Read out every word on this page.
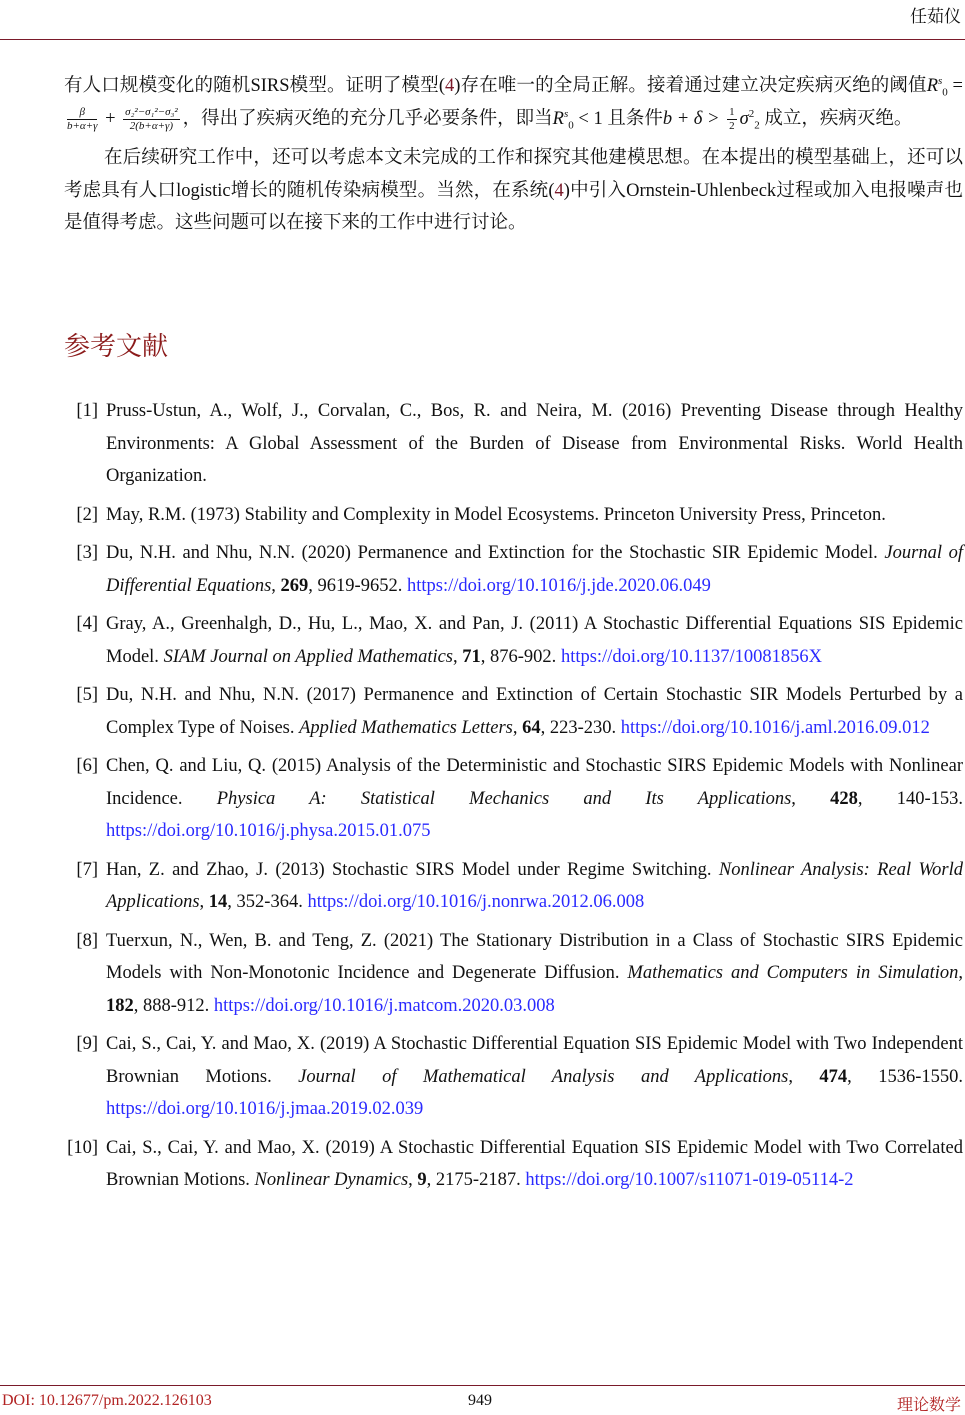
任茹仪

有人口规模变化的随机SIRS模型。证明了模型(4)存在唯一的全局正解。接着通过建立决定疾病灭绝的阈值$R^s_0$ =
$\frac{\beta}{b+\alpha+\gamma} + \frac{\text{σ₂²−σ₁²−σ₃²}}{2(b+\alpha+\gamma)}$ ，得出了疾病灭绝的充分几乎必要条件，即当$R^s_0 < 1$ 且条件$b + \delta > \frac{1}{2} \sigma^2_2$ 成立，疾病灭绝。

在后续研究工作中，还可以考虑本文未完成的工作和探究其他建模思想。在本提出的模型基础上，还可以考虑具有人口logistic增长的随机传染病模型。当然，在系统(4)中引入Ornstein-Uhlenbeck过程或加入电报噪声也是值得考虑。这些问题可以在接下来的工作中进行讨论。

参考文献
[1] Pruss-Ustun, A., Wolf, J., Corvalan, C., Bos, R. and Neira, M. (2016) Preventing Disease through Healthy Environments: A Global Assessment of the Burden of Disease from Environmental Risks. World Health Organization.
[2] May, R.M. (1973) Stability and Complexity in Model Ecosystems. Princeton University Press, Princeton.
[3] Du, N.H. and Nhu, N.N. (2020) Permanence and Extinction for the Stochastic SIR Epidemic Model. Journal of Differential Equations, 269, 9619-9652. https://doi.org/10.1016/j.jde.2020.06.049
[4] Gray, A., Greenhalgh, D., Hu, L., Mao, X. and Pan, J. (2011) A Stochastic Differential Equations SIS Epidemic Model. SIAM Journal on Applied Mathematics, 71, 876-902. https://doi.org/10.1137/10081856X
[5] Du, N.H. and Nhu, N.N. (2017) Permanence and Extinction of Certain Stochastic SIR Models Perturbed by a Complex Type of Noises. Applied Mathematics Letters, 64, 223-230. https://doi.org/10.1016/j.aml.2016.09.012
[6] Chen, Q. and Liu, Q. (2015) Analysis of the Deterministic and Stochastic SIRS Epidemic Models with Nonlinear Incidence. Physica A: Statistical Mechanics and Its Applications, 428, 140-153. https://doi.org/10.1016/j.physa.2015.01.075
[7] Han, Z. and Zhao, J. (2013) Stochastic SIRS Model under Regime Switching. Nonlinear Analysis: Real World Applications, 14, 352-364. https://doi.org/10.1016/j.nonrwa.2012.06.008
[8] Tuerxun, N., Wen, B. and Teng, Z. (2021) The Stationary Distribution in a Class of Stochastic SIRS Epidemic Models with Non-Monotonic Incidence and Degenerate Diffusion. Mathematics and Computers in Simulation, 182, 888-912. https://doi.org/10.1016/j.matcom.2020.03.008
[9] Cai, S., Cai, Y. and Mao, X. (2019) A Stochastic Differential Equation SIS Epidemic Model with Two Independent Brownian Motions. Journal of Mathematical Analysis and Applications, 474, 1536-1550. https://doi.org/10.1016/j.jmaa.2019.02.039
[10] Cai, S., Cai, Y. and Mao, X. (2019) A Stochastic Differential Equation SIS Epidemic Model with Two Correlated Brownian Motions. Nonlinear Dynamics, 9, 2175-2187. https://doi.org/10.1007/s11071-019-05114-2
DOI: 10.12677/pm.2022.126103	949	理论数学
